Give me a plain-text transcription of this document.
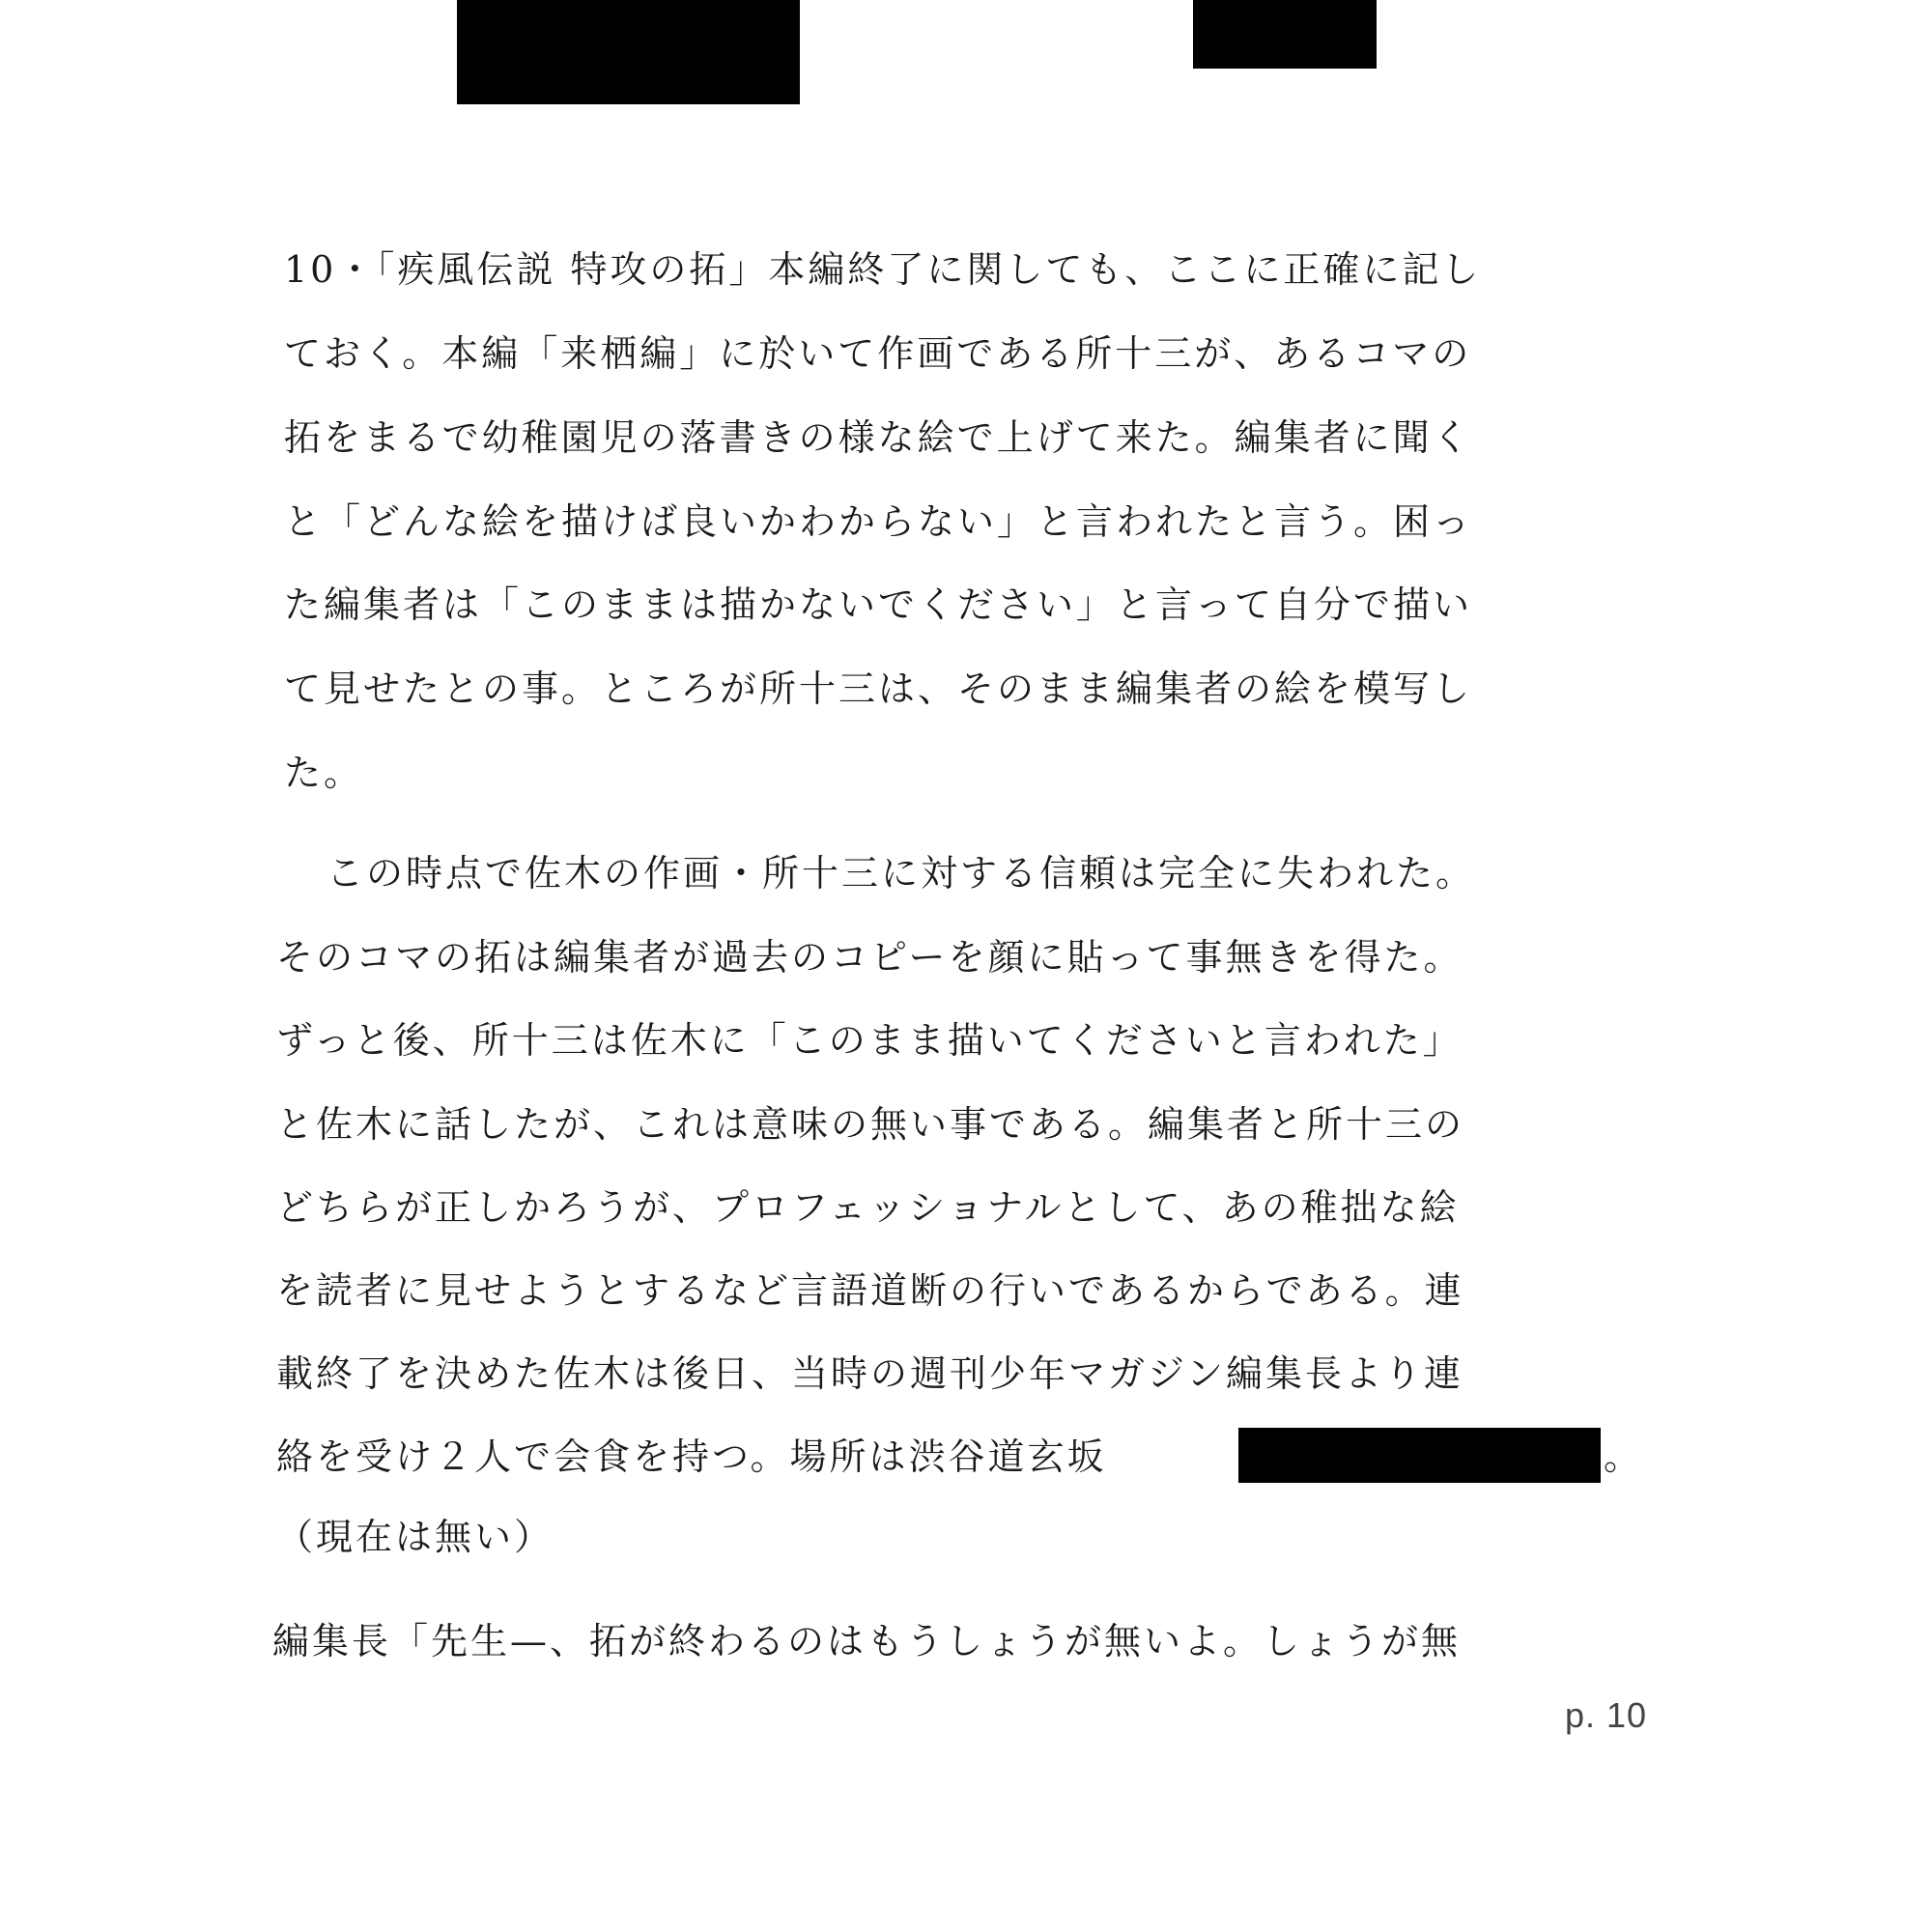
10・「疾風伝説 特攻の拓」本編終了に関しても、ここに正確に記し

ておく。本編「来栖編」に於いて作画である所十三が、あるコマの

拓をまるで幼稚園児の落書きの様な絵で上げて来た。編集者に聞く

と「どんな絵を描けば良いかわからない」と言われたと言う。困っ

た編集者は「このままは描かないでください」と言って自分で描い

て見せたとの事。ところが所十三は、そのまま編集者の絵を模写し

た。

この時点で佐木の作画・所十三に対する信頼は完全に失われた。

そのコマの拓は編集者が過去のコピーを顔に貼って事無きを得た。

ずっと後、所十三は佐木に「このまま描いてくださいと言われた」

と佐木に話したが、これは意味の無い事である。編集者と所十三の

どちらが正しかろうが、プロフェッショナルとして、あの稚拙な絵

を読者に見せようとするなど言語道断の行いであるからである。連

載終了を決めた佐木は後日、当時の週刊少年マガジン編集長より連

絡を受け２人で会食を持つ。場所は渋谷道玄坂	。

（現在は無い）

編集長「先生—、拓が終わるのはもうしょうが無いよ。しょうが無

p. 10
